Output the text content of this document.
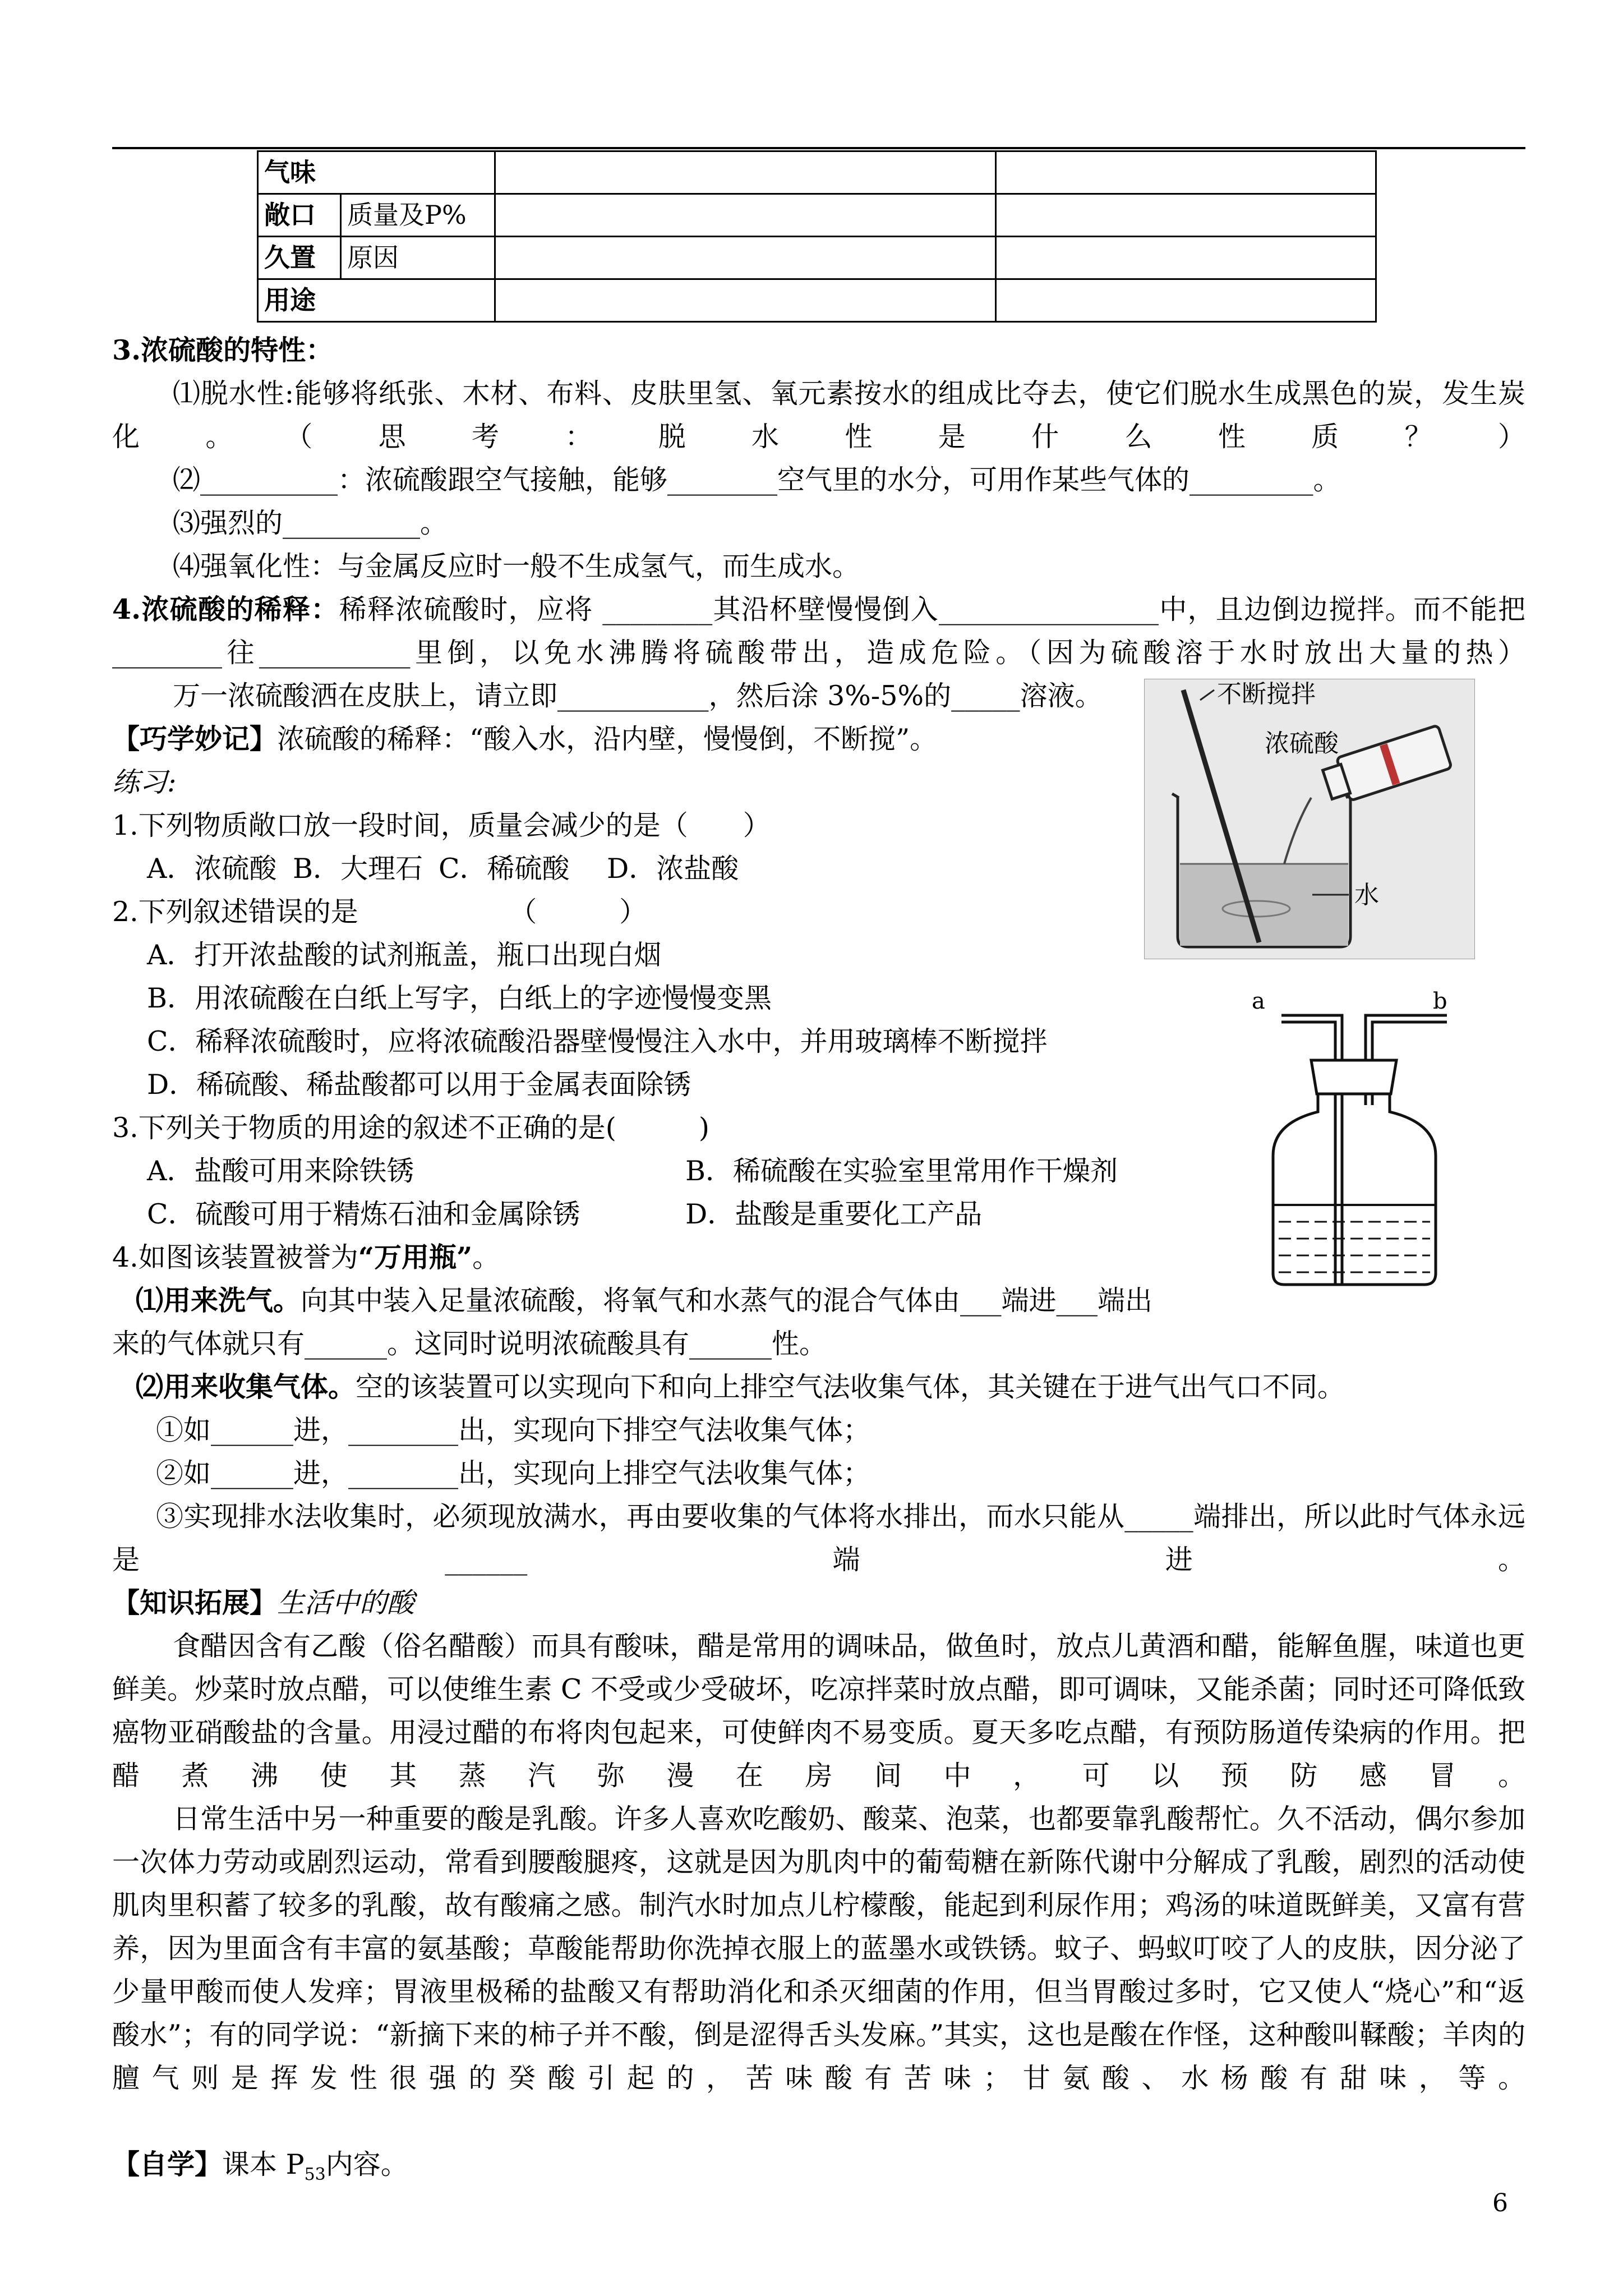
气味			
敞口	质量及P%		
久置	原因		
用途			

3.浓硫酸的特性：

⑴脱水性:能够将纸张、木材、布料、皮肤里氢、氧元素按水的组成比夺去，使它们脱水生成黑色的炭，发生炭化。（思考：脱水性是什么性质？）

⑵__________：浓硫酸跟空气接触，能够________空气里的水分，可用作某些气体的_________。

⑶强烈的__________。

⑷强氧化性：与金属反应时一般不生成氢气，而生成水。

4.浓硫酸的稀释：稀释浓硫酸时，应将 ________其沿杯壁慢慢倒入________________中，且边倒边搅拌。而不能把________往___________里倒，以免水沸腾将硫酸带出，造成危险。（因为硫酸溶于水时放出大量的热）

万一浓硫酸洒在皮肤上，请立即___________，然后涂 3%-5%的_____溶液。

【巧学妙记】浓硫酸的稀释：“酸入水，沿内壁，慢慢倒，不断搅”。

练习:

1.下列物质敞口放一段时间，质量会减少的是（　　）

A．浓硫酸 B．大理石 C．稀硫酸	D．浓盐酸

2.下列叙述错误的是　　　　　　（　　　）

A．打开浓盐酸的试剂瓶盖，瓶口出现白烟

B．用浓硫酸在白纸上写字，白纸上的字迹慢慢变黑

C．稀释浓硫酸时，应将浓硫酸沿器壁慢慢注入水中，并用玻璃棒不断搅拌

D．稀硫酸、稀盐酸都可以用于金属表面除锈

3.下列关于物质的用途的叙述不正确的是(　　　)

A．盐酸可用来除铁锈	B．稀硫酸在实验室里常用作干燥剂
C．硫酸可用于精炼石油和金属除锈	D．盐酸是重要化工产品

4.如图该装置被誉为“万用瓶”。

⑴用来洗气。向其中装入足量浓硫酸，将氧气和水蒸气的混合气体由___端进___端出

来的气体就只有______。这同时说明浓硫酸具有______性。

⑵用来收集气体。空的该装置可以实现向下和向上排空气法收集气体，其关键在于进气出气口不同。

①如______进，________出，实现向下排空气法收集气体；

②如______进，________出，实现向上排空气法收集气体；

③实现排水法收集时，必须现放满水，再由要收集的气体将水排出，而水只能从_____端排出，所以此时气体永远是______端进。

【知识拓展】生活中的酸

食醋因含有乙酸（俗名醋酸）而具有酸味，醋是常用的调味品，做鱼时，放点儿黄酒和醋，能解鱼腥，味道也更鲜美。炒菜时放点醋，可以使维生素 C 不受或少受破坏，吃凉拌菜时放点醋，即可调味，又能杀菌；同时还可降低致癌物亚硝酸盐的含量。用浸过醋的布将肉包起来，可使鲜肉不易变质。夏天多吃点醋，有预防肠道传染病的作用。把醋煮沸使其蒸汽弥漫在房间中，可以预防感冒。

日常生活中另一种重要的酸是乳酸。许多人喜欢吃酸奶、酸菜、泡菜，也都要靠乳酸帮忙。久不活动，偶尔参加一次体力劳动或剧烈运动，常看到腰酸腿疼，这就是因为肌肉中的葡萄糖在新陈代谢中分解成了乳酸，剧烈的活动使肌肉里积蓄了较多的乳酸，故有酸痛之感。制汽水时加点儿柠檬酸，能起到利尿作用；鸡汤的味道既鲜美，又富有营养，因为里面含有丰富的氨基酸；草酸能帮助你洗掉衣服上的蓝墨水或铁锈。蚊子、蚂蚁叮咬了人的皮肤，因分泌了少量甲酸而使人发痒；胃液里极稀的盐酸又有帮助消化和杀灭细菌的作用，但当胃酸过多时，它又使人“烧心”和“返酸水”；有的同学说：“新摘下来的柿子并不酸，倒是涩得舌头发麻。”其实，这也是酸在作怪，这种酸叫鞣酸；羊肉的膻气则是挥发性很强的癸酸引起的，苦味酸有苦味；甘氨酸、水杨酸有甜味，等。

【自学】课本 $P_{53}$内容。

不断搅拌
浓硫酸
水
a	b
6
